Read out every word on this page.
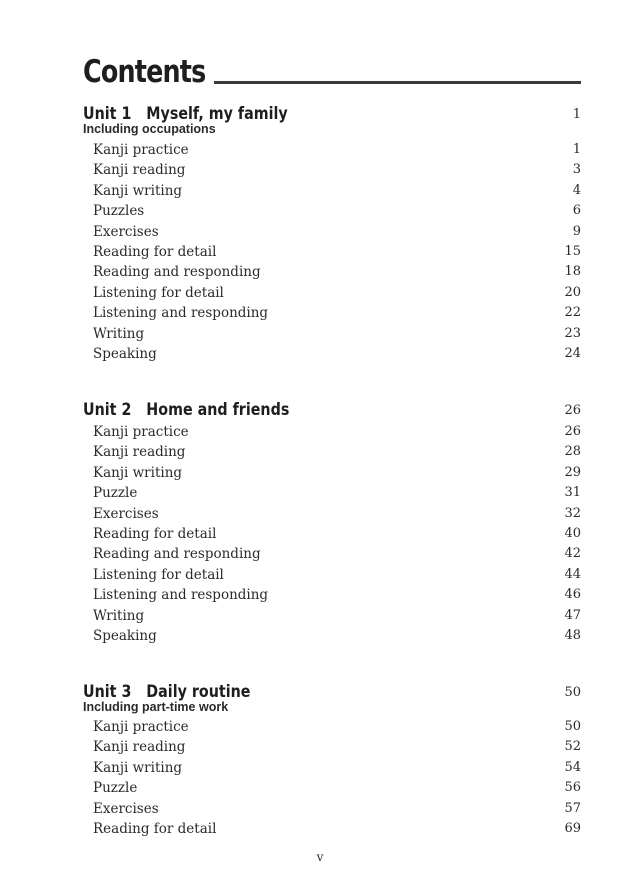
Contents
Unit 1   Myself, my family	1
Including occupations
Kanji practice	1
Kanji reading	3
Kanji writing	4
Puzzles	6
Exercises	9
Reading for detail	15
Reading and responding	18
Listening for detail	20
Listening and responding	22
Writing	23
Speaking	24
Unit 2   Home and friends	26
Kanji practice	26
Kanji reading	28
Kanji writing	29
Puzzle	31
Exercises	32
Reading for detail	40
Reading and responding	42
Listening for detail	44
Listening and responding	46
Writing	47
Speaking	48
Unit 3   Daily routine	50
Including part-time work
Kanji practice	50
Kanji reading	52
Kanji writing	54
Puzzle	56
Exercises	57
Reading for detail	69
v
